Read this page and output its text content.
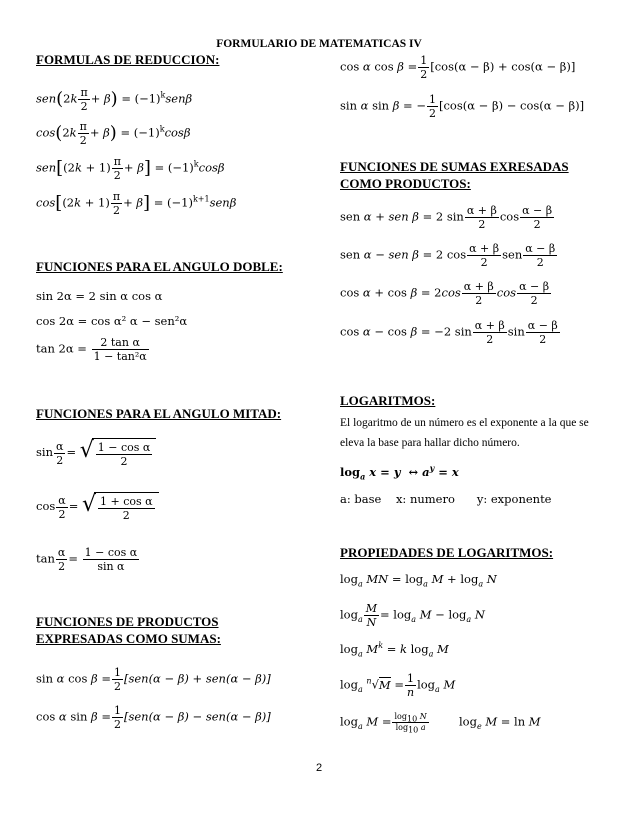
FORMULARIO DE MATEMATICAS IV
FORMULAS DE REDUCCION:
$sen(2k \frac{\pi}{2} + \beta) = (-1)^ksen\beta$
$\cos(2k \frac{\pi}{2} + \beta) = (-1)^k\cos\beta$
$sen[(2k + 1) \frac{\pi}{2} + \beta] = (-1)^k\cos\beta$
$\cos[(2k + 1) \frac{\pi}{2} + \beta] = (-1)^{k+1}sen\beta$
FUNCIONES PARA EL ANGULO DOBLE:
sin 2α = 2 sin α cos α
cos 2α = cos α² α − sen²α
$\tan 2\alpha = \frac{\text{2 tan α}}{\text{1 − tan²α}}$
FUNCIONES PARA EL ANGULO MITAD:
$\sin \frac{\alpha}{2}$ = √ $\frac{\text{1 − cos α}}{2}$
$\cos \frac{\alpha}{2}$ = √ $\frac{\text{1 + cos α}}{2}$
$\tan \frac{\alpha}{2} = \frac{\text{1 − cos α}}{\text{sin α}}$
FUNCIONES DE PRODUCTOS
EXPRESADAS COMO SUMAS:
sin α $\cos \beta = \frac{1}{2} [sen(\alpha - \beta) + sen(\alpha - \beta)]$
cos α $\sin \beta = \frac{1}{2} [sen(\alpha - \beta) - sen(\alpha - \beta)]$
cos α $\cos \beta = \frac{1}{2} [\cos(\alpha - \beta) + \cos(\alpha - \beta)]$
sin α sin β = − $\frac{1}{2} [\cos(\alpha - \beta) - \cos(\alpha - \beta)]$
FUNCIONES DE SUMAS EXRESADAS
COMO PRODUCTOS:
sen α + sen β = 2 $\sin \frac{\alpha + \beta}{2}$ $\cos \frac{\alpha - \beta}{2}$
sen α − sen β = 2 $\cos \frac{\alpha + \beta}{2}$ sen $\frac{\alpha - \beta}{2}$
$\cos \alpha + \cos \beta = 2\cos \frac{\alpha + \beta}{2}$ $\cos \frac{\alpha - \beta}{2}$
cos α − cos β = −2 $\sin \frac{\alpha + \beta}{2}$ $\sin \frac{\alpha - \beta}{2}$
LOGARITMOS:
El logaritmo de un número es el exponente a la que se eleva la base para hallar dicho número.
$\log_a x = y$  ↔ $a^y = x$
a: base x: numero y: exponente
PROPIEDADES DE LOGARITMOS:
$\log_a$ MN = $\log_a M + \log_a N$
$\log_a \frac{M}{N} = \log_a M - \log_a N$
$\log_a M^k = k$ $\log_a M$
$\log_a ^n√M = \frac{1}{n} \log_a M$
$\log_a M = \frac{\log_{10} N}{\log_{10} a} \log_e M = \ln M$
2
